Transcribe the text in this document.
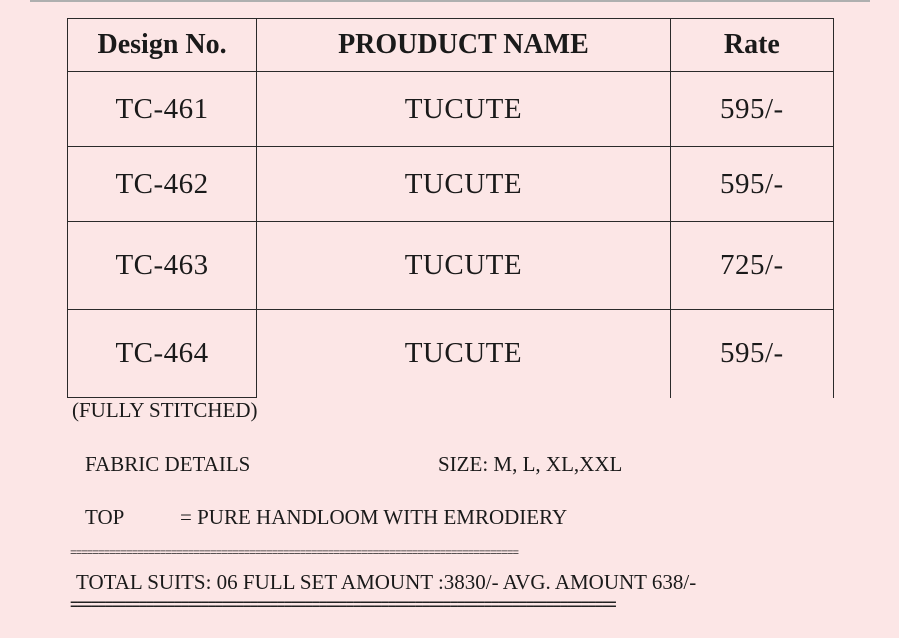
Design No.	PROUDUCT NAME	Rate
TC-461	TUCUTE	595/-
TC-462	TUCUTE	595/-
TC-463	TUCUTE	725/-
TC-464	TUCUTE	595/-
(FULLY STITCHED)
FABRIC DETAILS	SIZE: M, L, XL,XXL
TOP	= PURE HANDLOOM WITH EMRODIERY
================================================================================
TOTAL SUITS: 06 FULL SET AMOUNT :3830/- AVG. AMOUNT 638/-
===============================================================================
